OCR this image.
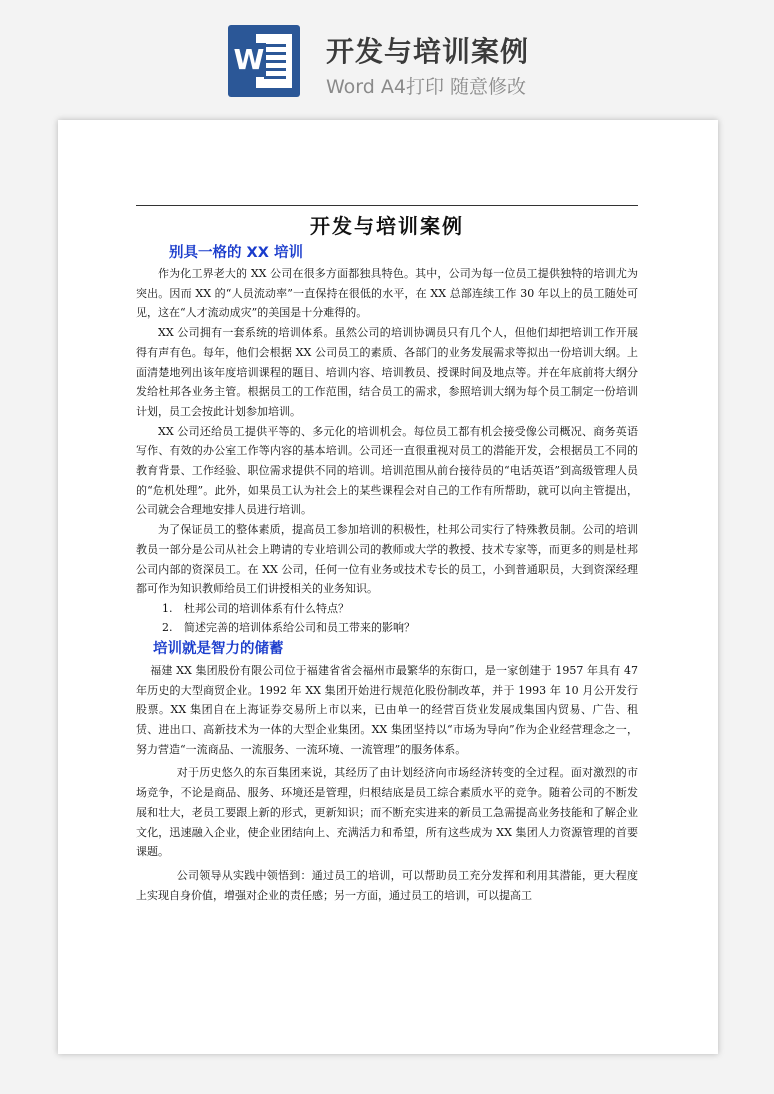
W 开发与培训案例
Word A4打印 随意修改
开发与培训案例
别具一格的 XX 培训

作为化工界老大的 XX 公司在很多方面都独具特色。其中，公司为每一位员工提供独特的培训尤为突出。因而 XX 的“人员流动率”一直保持在很低的水平，在 XX 总部连续工作 30 年以上的员工随处可见，这在“人才流动成灾”的美国是十分难得的。

XX 公司拥有一套系统的培训体系。虽然公司的培训协调员只有几个人，但他们却把培训工作开展得有声有色。每年，他们会根据 XX 公司员工的素质、各部门的业务发展需求等拟出一份培训大纲。上面清楚地列出该年度培训课程的题目、培训内容、培训教员、授课时间及地点等。并在年底前将大纲分发给杜邦各业务主管。根据员工的工作范围，结合员工的需求，参照培训大纲为每个员工制定一份培训计划，员工会按此计划参加培训。

XX 公司还给员工提供平等的、多元化的培训机会。每位员工都有机会接受像公司概况、商务英语写作、有效的办公室工作等内容的基本培训。公司还一直很重视对员工的潜能开发，会根据员工不同的教育背景、工作经验、职位需求提供不同的培训。培训范围从前台接待员的“电话英语”到高级管理人员的“危机处理”。此外，如果员工认为社会上的某些课程会对自己的工作有所帮助，就可以向主管提出，公司就会合理地安排人员进行培训。

为了保证员工的整体素质，提高员工参加培训的积极性，杜邦公司实行了特殊教员制。公司的培训教员一部分是公司从社会上聘请的专业培训公司的教师或大学的教授、技术专家等，而更多的则是杜邦公司内部的资深员工。在 XX 公司，任何一位有业务或技术专长的员工，小到普通职员，大到资深经理都可作为知识教师给员工们讲授相关的业务知识。

1. 杜邦公司的培训体系有什么特点？
2. 简述完善的培训体系给公司和员工带来的影响？
培训就是智力的储蓄

福建 XX 集团股份有限公司位于福建省省会福州市最繁华的东街口，是一家创建于 1957 年具有 47 年历史的大型商贸企业。1992 年 XX 集团开始进行规范化股份制改革，并于 1993 年 10 月公开发行股票。XX 集团自在上海证券交易所上市以来，已由单一的经营百货业发展成集国内贸易、广告、租赁、进出口、高新技术为一体的大型企业集团。XX 集团坚持以“市场为导向”作为企业经营理念之一，努力营造“一流商品、一流服务、一流环境、一流管理”的服务体系。

对于历史悠久的东百集团来说，其经历了由计划经济向市场经济转变的全过程。面对激烈的市场竞争，不论是商品、服务、环境还是管理，归根结底是员工综合素质水平的竞争。随着公司的不断发展和壮大，老员工要跟上新的形式，更新知识；而不断充实进来的新员工急需提高业务技能和了解企业文化，迅速融入企业，使企业团结向上、充满活力和希望，所有这些成为 XX 集团人力资源管理的首要课题。

公司领导从实践中领悟到：通过员工的培训，可以帮助员工充分发挥和利用其潜能，更大程度上实现自身价值，增强对企业的责任感；另一方面，通过员工的培训，可以提高工
